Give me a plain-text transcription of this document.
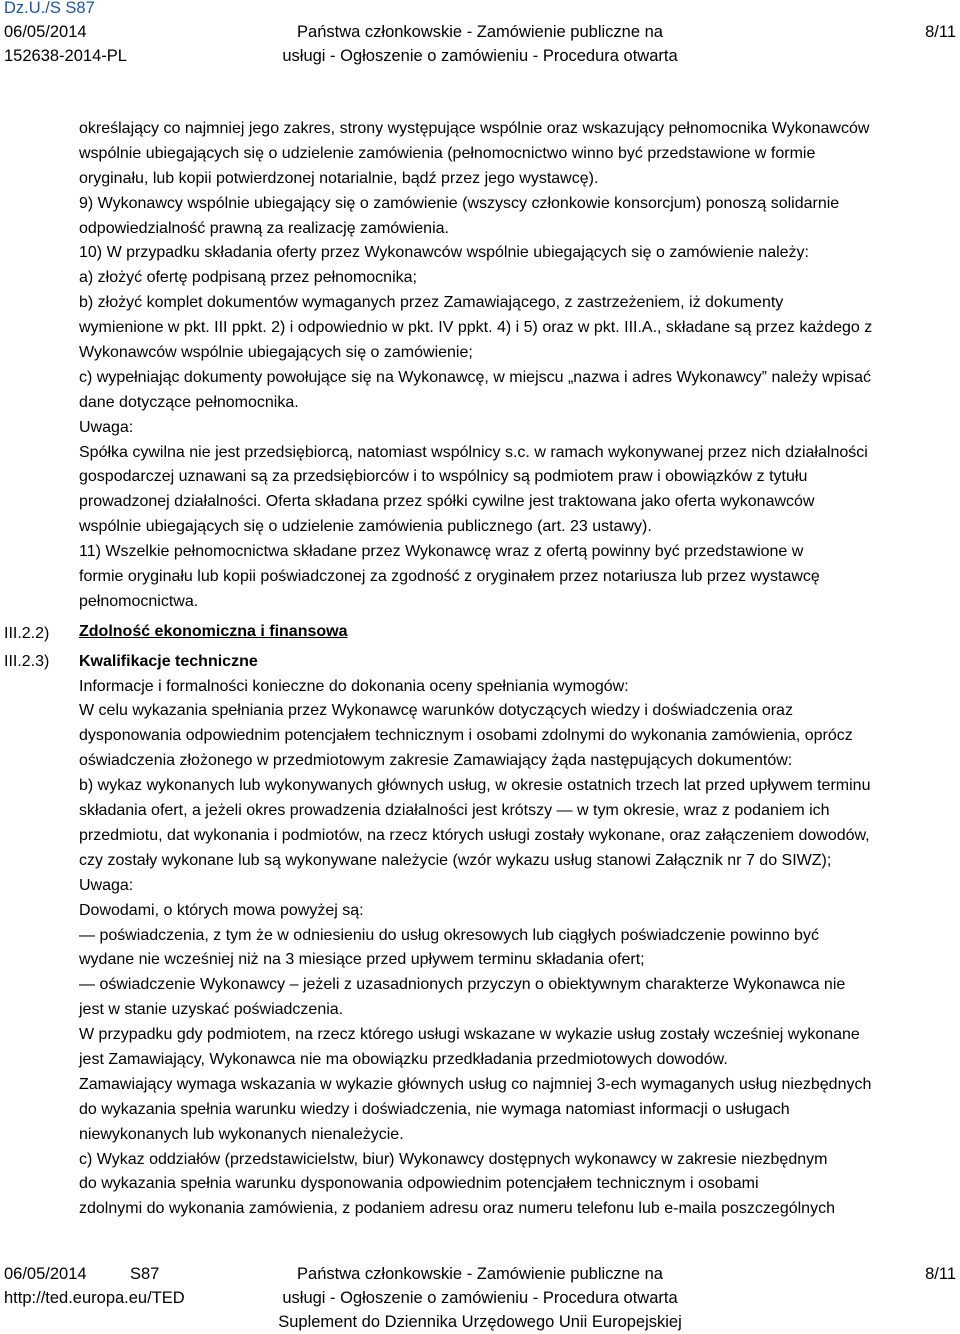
Dz.U./S S87
06/05/2014
152638-2014-PL
Państwa członkowskie - Zamówienie publiczne na
usługi - Ogłoszenie o zamówieniu - Procedura otwarta
8/11
III.2.2)
III.2.3)
określający co najmniej jego zakres, strony występujące wspólnie oraz wskazujący pełnomocnika Wykonawców
wspólnie ubiegających się o udzielenie zamówienia (pełnomocnictwo winno być przedstawione w formie
oryginału, lub kopii potwierdzonej notarialnie, bądź przez jego wystawcę).
9) Wykonawcy wspólnie ubiegający się o zamówienie (wszyscy członkowie konsorcjum) ponoszą solidarnie
odpowiedzialność prawną za realizację zamówienia.
10) W przypadku składania oferty przez Wykonawców wspólnie ubiegających się o zamówienie należy:
a) złożyć ofertę podpisaną przez pełnomocnika;
b) złożyć komplet dokumentów wymaganych przez Zamawiającego, z zastrzeżeniem, iż dokumenty
wymienione w pkt. III ppkt. 2) i odpowiednio w pkt. IV ppkt. 4) i 5) oraz w pkt. III.A., składane są przez każdego z
Wykonawców wspólnie ubiegających się o zamówienie;
c) wypełniając dokumenty powołujące się na Wykonawcę, w miejscu „nazwa i adres Wykonawcy” należy wpisać
dane dotyczące pełnomocnika.
Uwaga:
Spółka cywilna nie jest przedsiębiorcą, natomiast wspólnicy s.c. w ramach wykonywanej przez nich działalności
gospodarczej uznawani są za przedsiębiorców i to wspólnicy są podmiotem praw i obowiązków z tytułu
prowadzonej działalności. Oferta składana przez spółki cywilne jest traktowana jako oferta wykonawców
wspólnie ubiegających się o udzielenie zamówienia publicznego (art. 23 ustawy).
11) Wszelkie pełnomocnictwa składane przez Wykonawcę wraz z ofertą powinny być przedstawione w
formie oryginału lub kopii poświadczonej za zgodność z oryginałem przez notariusza lub przez wystawcę
pełnomocnictwa.
Zdolność ekonomiczna i finansowa
Kwalifikacje techniczne
Informacje i formalności konieczne do dokonania oceny spełniania wymogów:
W celu wykazania spełniania przez Wykonawcę warunków dotyczących wiedzy i doświadczenia oraz
dysponowania odpowiednim potencjałem technicznym i osobami zdolnymi do wykonania zamówienia, oprócz
oświadczenia złożonego w przedmiotowym zakresie Zamawiający żąda następujących dokumentów:
b) wykaz wykonanych lub wykonywanych głównych usług, w okresie ostatnich trzech lat przed upływem terminu
składania ofert, a jeżeli okres prowadzenia działalności jest krótszy — w tym okresie, wraz z podaniem ich
przedmiotu, dat wykonania i podmiotów, na rzecz których usługi zostały wykonane, oraz załączeniem dowodów,
czy zostały wykonane lub są wykonywane należycie (wzór wykazu usług stanowi Załącznik nr 7 do SIWZ);
Uwaga:
Dowodami, o których mowa powyżej są:
— poświadczenia, z tym że w odniesieniu do usług okresowych lub ciągłych poświadczenie powinno być
wydane nie wcześniej niż na 3 miesiące przed upływem terminu składania ofert;
— oświadczenie Wykonawcy – jeżeli z uzasadnionych przyczyn o obiektywnym charakterze Wykonawca nie
jest w stanie uzyskać poświadczenia.
W przypadku gdy podmiotem, na rzecz którego usługi wskazane w wykazie usług zostały wcześniej wykonane
jest Zamawiający, Wykonawca nie ma obowiązku przedkładania przedmiotowych dowodów.
Zamawiający wymaga wskazania w wykazie głównych usług co najmniej 3-ech wymaganych usług niezbędnych
do wykazania spełnia warunku wiedzy i doświadczenia, nie wymaga natomiast informacji o usługach
niewykonanych lub wykonanych nienależycie.
c) Wykaz oddziałów (przedstawicielstw, biur) Wykonawcy dostępnych wykonawcy w zakresie niezbędnym
do wykazania spełnia warunku dysponowania odpowiednim potencjałem technicznym i osobami
zdolnymi do wykonania zamówienia, z podaniem adresu oraz numeru telefonu lub e-maila poszczególnych
06/05/2014	S87
http://ted.europa.eu/TED
Państwa członkowskie - Zamówienie publiczne na
usługi - Ogłoszenie o zamówieniu - Procedura otwarta
Suplement do Dziennika Urzędowego Unii Europejskiej
8/11
